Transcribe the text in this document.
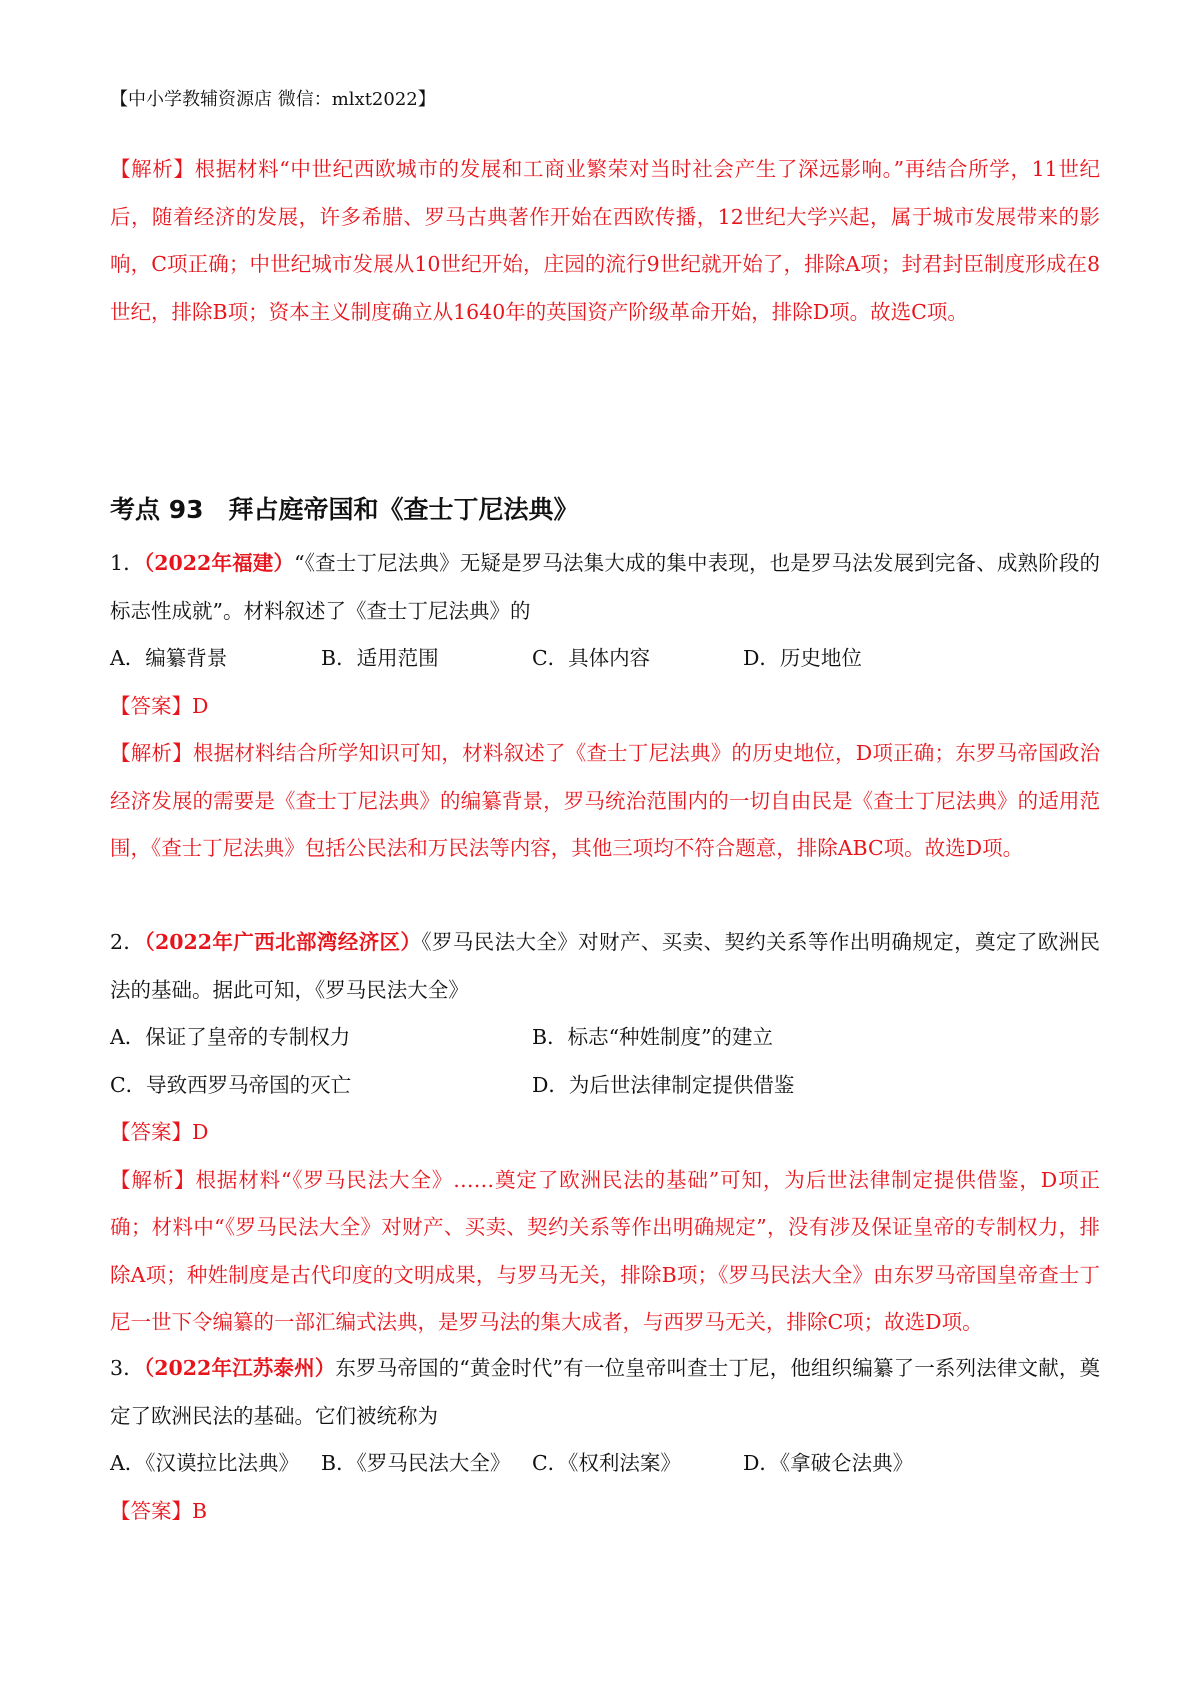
【中小学教辅资源店 微信：mlxt2022】

【解析】根据材料“中世纪西欧城市的发展和工商业繁荣对当时社会产生了深远影响。”再结合所学，11世纪后，随着经济的发展，许多希腊、罗马古典著作开始在西欧传播，12世纪大学兴起，属于城市发展带来的影响，C项正确；中世纪城市发展从10世纪开始，庄园的流行9世纪就开始了，排除A项；封君封臣制度形成在8世纪，排除B项；资本主义制度确立从1640年的英国资产阶级革命开始，排除D项。故选C项。

考点 93　拜占庭帝国和《查士丁尼法典》

1．（2022年福建）“《查士丁尼法典》无疑是罗马法集大成的集中表现，也是罗马法发展到完备、成熟阶段的标志性成就”。材料叙述了《查士丁尼法典》的

A．编纂背景	B．适用范围	C．具体内容	D．历史地位

【答案】D

【解析】根据材料结合所学知识可知，材料叙述了《查士丁尼法典》的历史地位，D项正确；东罗马帝国政治经济发展的需要是《查士丁尼法典》的编纂背景，罗马统治范围内的一切自由民是《查士丁尼法典》的适用范围，《查士丁尼法典》包括公民法和万民法等内容，其他三项均不符合题意，排除ABC项。故选D项。

2．（2022年广西北部湾经济区）《罗马民法大全》对财产、买卖、契约关系等作出明确规定，奠定了欧洲民法的基础。据此可知，《罗马民法大全》

A．保证了皇帝的专制权力	B．标志“种姓制度”的建立
C．导致西罗马帝国的灭亡	D．为后世法律制定提供借鉴

【答案】D

【解析】根据材料“《罗马民法大全》……奠定了欧洲民法的基础”可知，为后世法律制定提供借鉴，D项正确；材料中“《罗马民法大全》对财产、买卖、契约关系等作出明确规定”，没有涉及保证皇帝的专制权力，排除A项；种姓制度是古代印度的文明成果，与罗马无关，排除B项；《罗马民法大全》由东罗马帝国皇帝查士丁尼一世下令编纂的一部汇编式法典，是罗马法的集大成者，与西罗马无关，排除C项；故选D项。

3．（2022年江苏泰州）东罗马帝国的“黄金时代”有一位皇帝叫查士丁尼，他组织编纂了一系列法律文献，奠定了欧洲民法的基础。它们被统称为

A．《汉谟拉比法典》	B．《罗马民法大全》	C．《权利法案》	D．《拿破仑法典》

【答案】B
